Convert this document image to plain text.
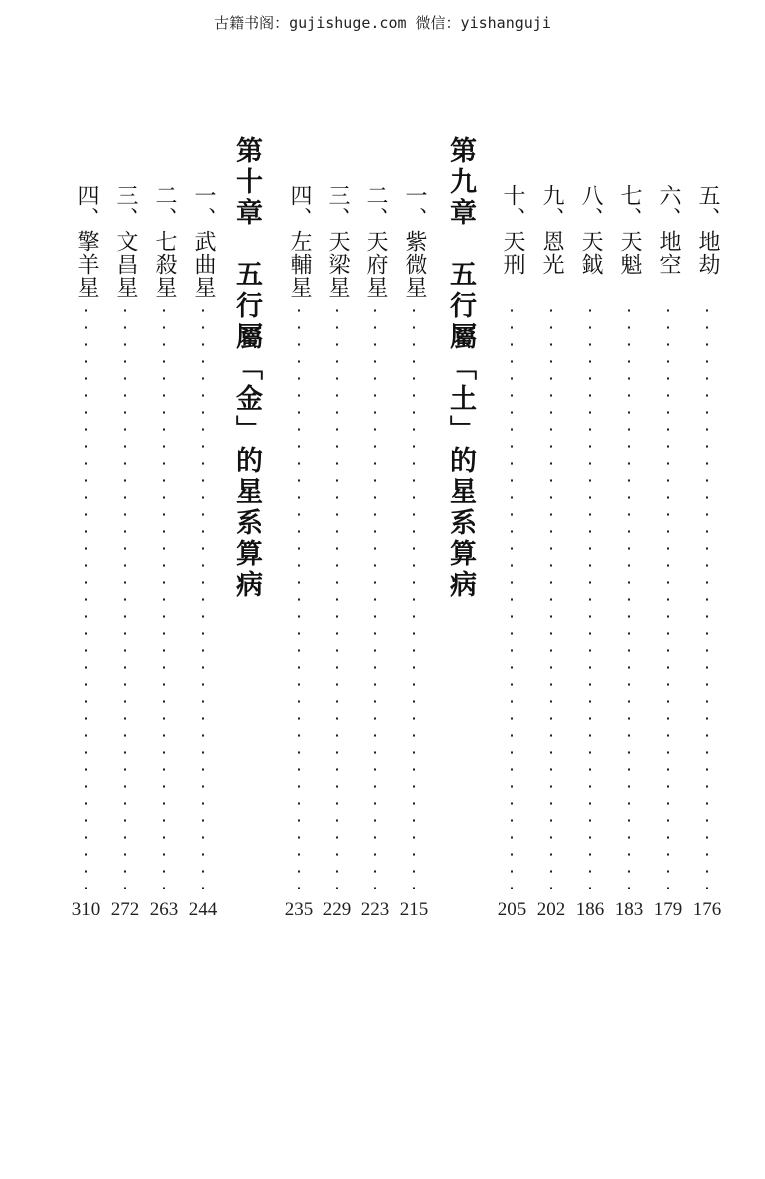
古籍书阁：gujishuge.com 微信：yishanguji
五、地劫
六、地空
七、天魁
八、天鉞
九、恩光
十、天刑
第九章　五行屬「土」的星系算病
一、紫微星
二、天府星
三、天梁星
四、左輔星
第十章　五行屬「金」的星系算病
一、武曲星
二、七殺星
三、文昌星
四、擎羊星
176
179
183
186
202
205
215
223
229
235
244
263
272
310
